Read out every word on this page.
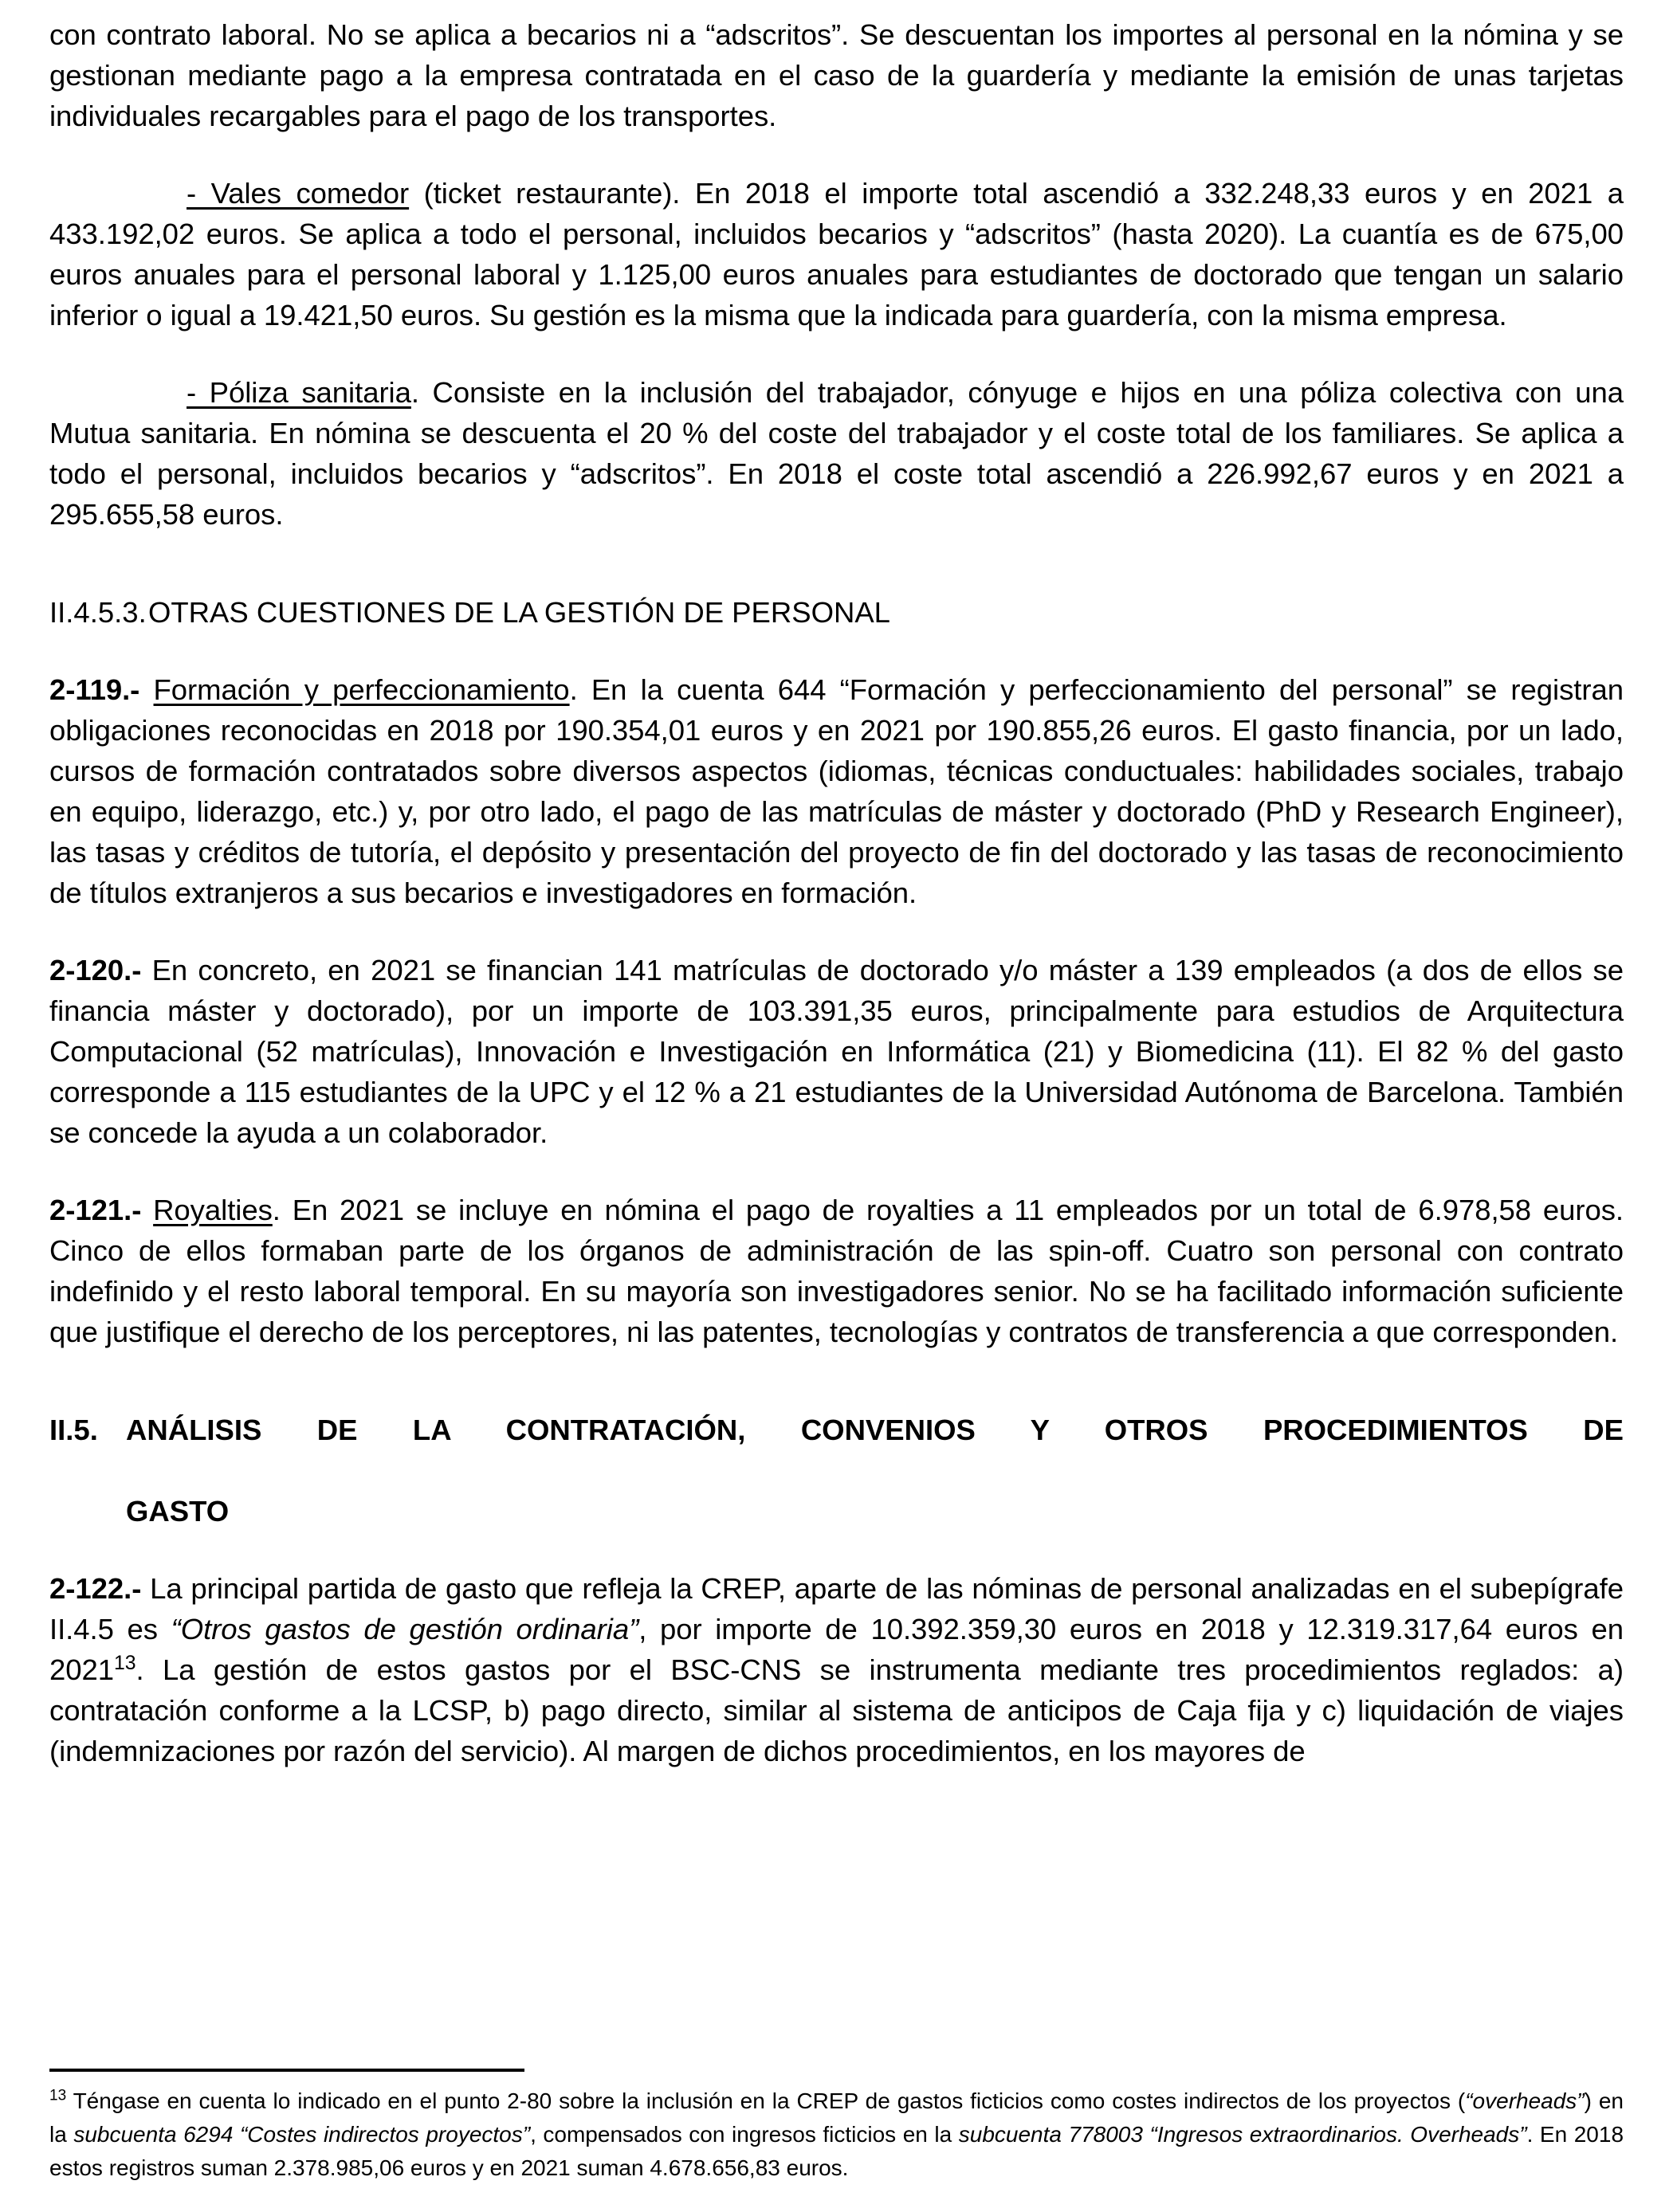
con contrato laboral. No se aplica a becarios ni a “adscritos”. Se descuentan los importes al personal en la nómina y se gestionan mediante pago a la empresa contratada en el caso de la guardería y mediante la emisión de unas tarjetas individuales recargables para el pago de los transportes.

- Vales comedor (ticket restaurante). En 2018 el importe total ascendió a 332.248,33 euros y en 2021 a 433.192,02 euros. Se aplica a todo el personal, incluidos becarios y “adscritos” (hasta 2020). La cuantía es de 675,00 euros anuales para el personal laboral y 1.125,00 euros anuales para estudiantes de doctorado que tengan un salario inferior o igual a 19.421,50 euros. Su gestión es la misma que la indicada para guardería, con la misma empresa.

- Póliza sanitaria. Consiste en la inclusión del trabajador, cónyuge e hijos en una póliza colectiva con una Mutua sanitaria. En nómina se descuenta el 20 % del coste del trabajador y el coste total de los familiares. Se aplica a todo el personal, incluidos becarios y “adscritos”. En 2018 el coste total ascendió a 226.992,67 euros y en 2021 a 295.655,58 euros.

II.4.5.3. OTRAS CUESTIONES DE LA GESTIÓN DE PERSONAL

2-119.- Formación y perfeccionamiento. En la cuenta 644 “Formación y perfeccionamiento del personal” se registran obligaciones reconocidas en 2018 por 190.354,01 euros y en 2021 por 190.855,26 euros. El gasto financia, por un lado, cursos de formación contratados sobre diversos aspectos (idiomas, técnicas conductuales: habilidades sociales, trabajo en equipo, liderazgo, etc.) y, por otro lado, el pago de las matrículas de máster y doctorado (PhD y Research Engineer), las tasas y créditos de tutoría, el depósito y presentación del proyecto de fin del doctorado y las tasas de reconocimiento de títulos extranjeros a sus becarios e investigadores en formación.

2-120.- En concreto, en 2021 se financian 141 matrículas de doctorado y/o máster a 139 empleados (a dos de ellos se financia máster y doctorado), por un importe de 103.391,35 euros, principalmente para estudios de Arquitectura Computacional (52 matrículas), Innovación e Investigación en Informática (21) y Biomedicina (11). El 82 % del gasto corresponde a 115 estudiantes de la UPC y el 12 % a 21 estudiantes de la Universidad Autónoma de Barcelona. También se concede la ayuda a un colaborador.

2-121.- Royalties. En 2021 se incluye en nómina el pago de royalties a 11 empleados por un total de 6.978,58 euros. Cinco de ellos formaban parte de los órganos de administración de las spin-off. Cuatro son personal con contrato indefinido y el resto laboral temporal. En su mayoría son investigadores senior. No se ha facilitado información suficiente que justifique el derecho de los perceptores, ni las patentes, tecnologías y contratos de transferencia a que corresponden.

II.5. ANÁLISIS DE LA CONTRATACIÓN, CONVENIOS Y OTROS PROCEDIMIENTOS DE
GASTO

2-122.- La principal partida de gasto que refleja la CREP, aparte de las nóminas de personal analizadas en el subepígrafe II.4.5 es “Otros gastos de gestión ordinaria”, por importe de 10.392.359,30 euros en 2018 y 12.319.317,64 euros en 2021$^{13}$. La gestión de estos gastos por el BSC-CNS se instrumenta mediante tres procedimientos reglados: a) contratación conforme a la LCSP, b) pago directo, similar al sistema de anticipos de Caja fija y c) liquidación de viajes (indemnizaciones por razón del servicio). Al margen de dichos procedimientos, en los mayores de

$^{13}$ Téngase en cuenta lo indicado en el punto 2-80 sobre la inclusión en la CREP de gastos ficticios como costes indirectos de los proyectos (“overheads”) en la subcuenta 6294 “Costes indirectos proyectos”, compensados con ingresos ficticios en la subcuenta 778003 “Ingresos extraordinarios. Overheads”. En 2018 estos registros suman 2.378.985,06 euros y en 2021 suman 4.678.656,83 euros.
